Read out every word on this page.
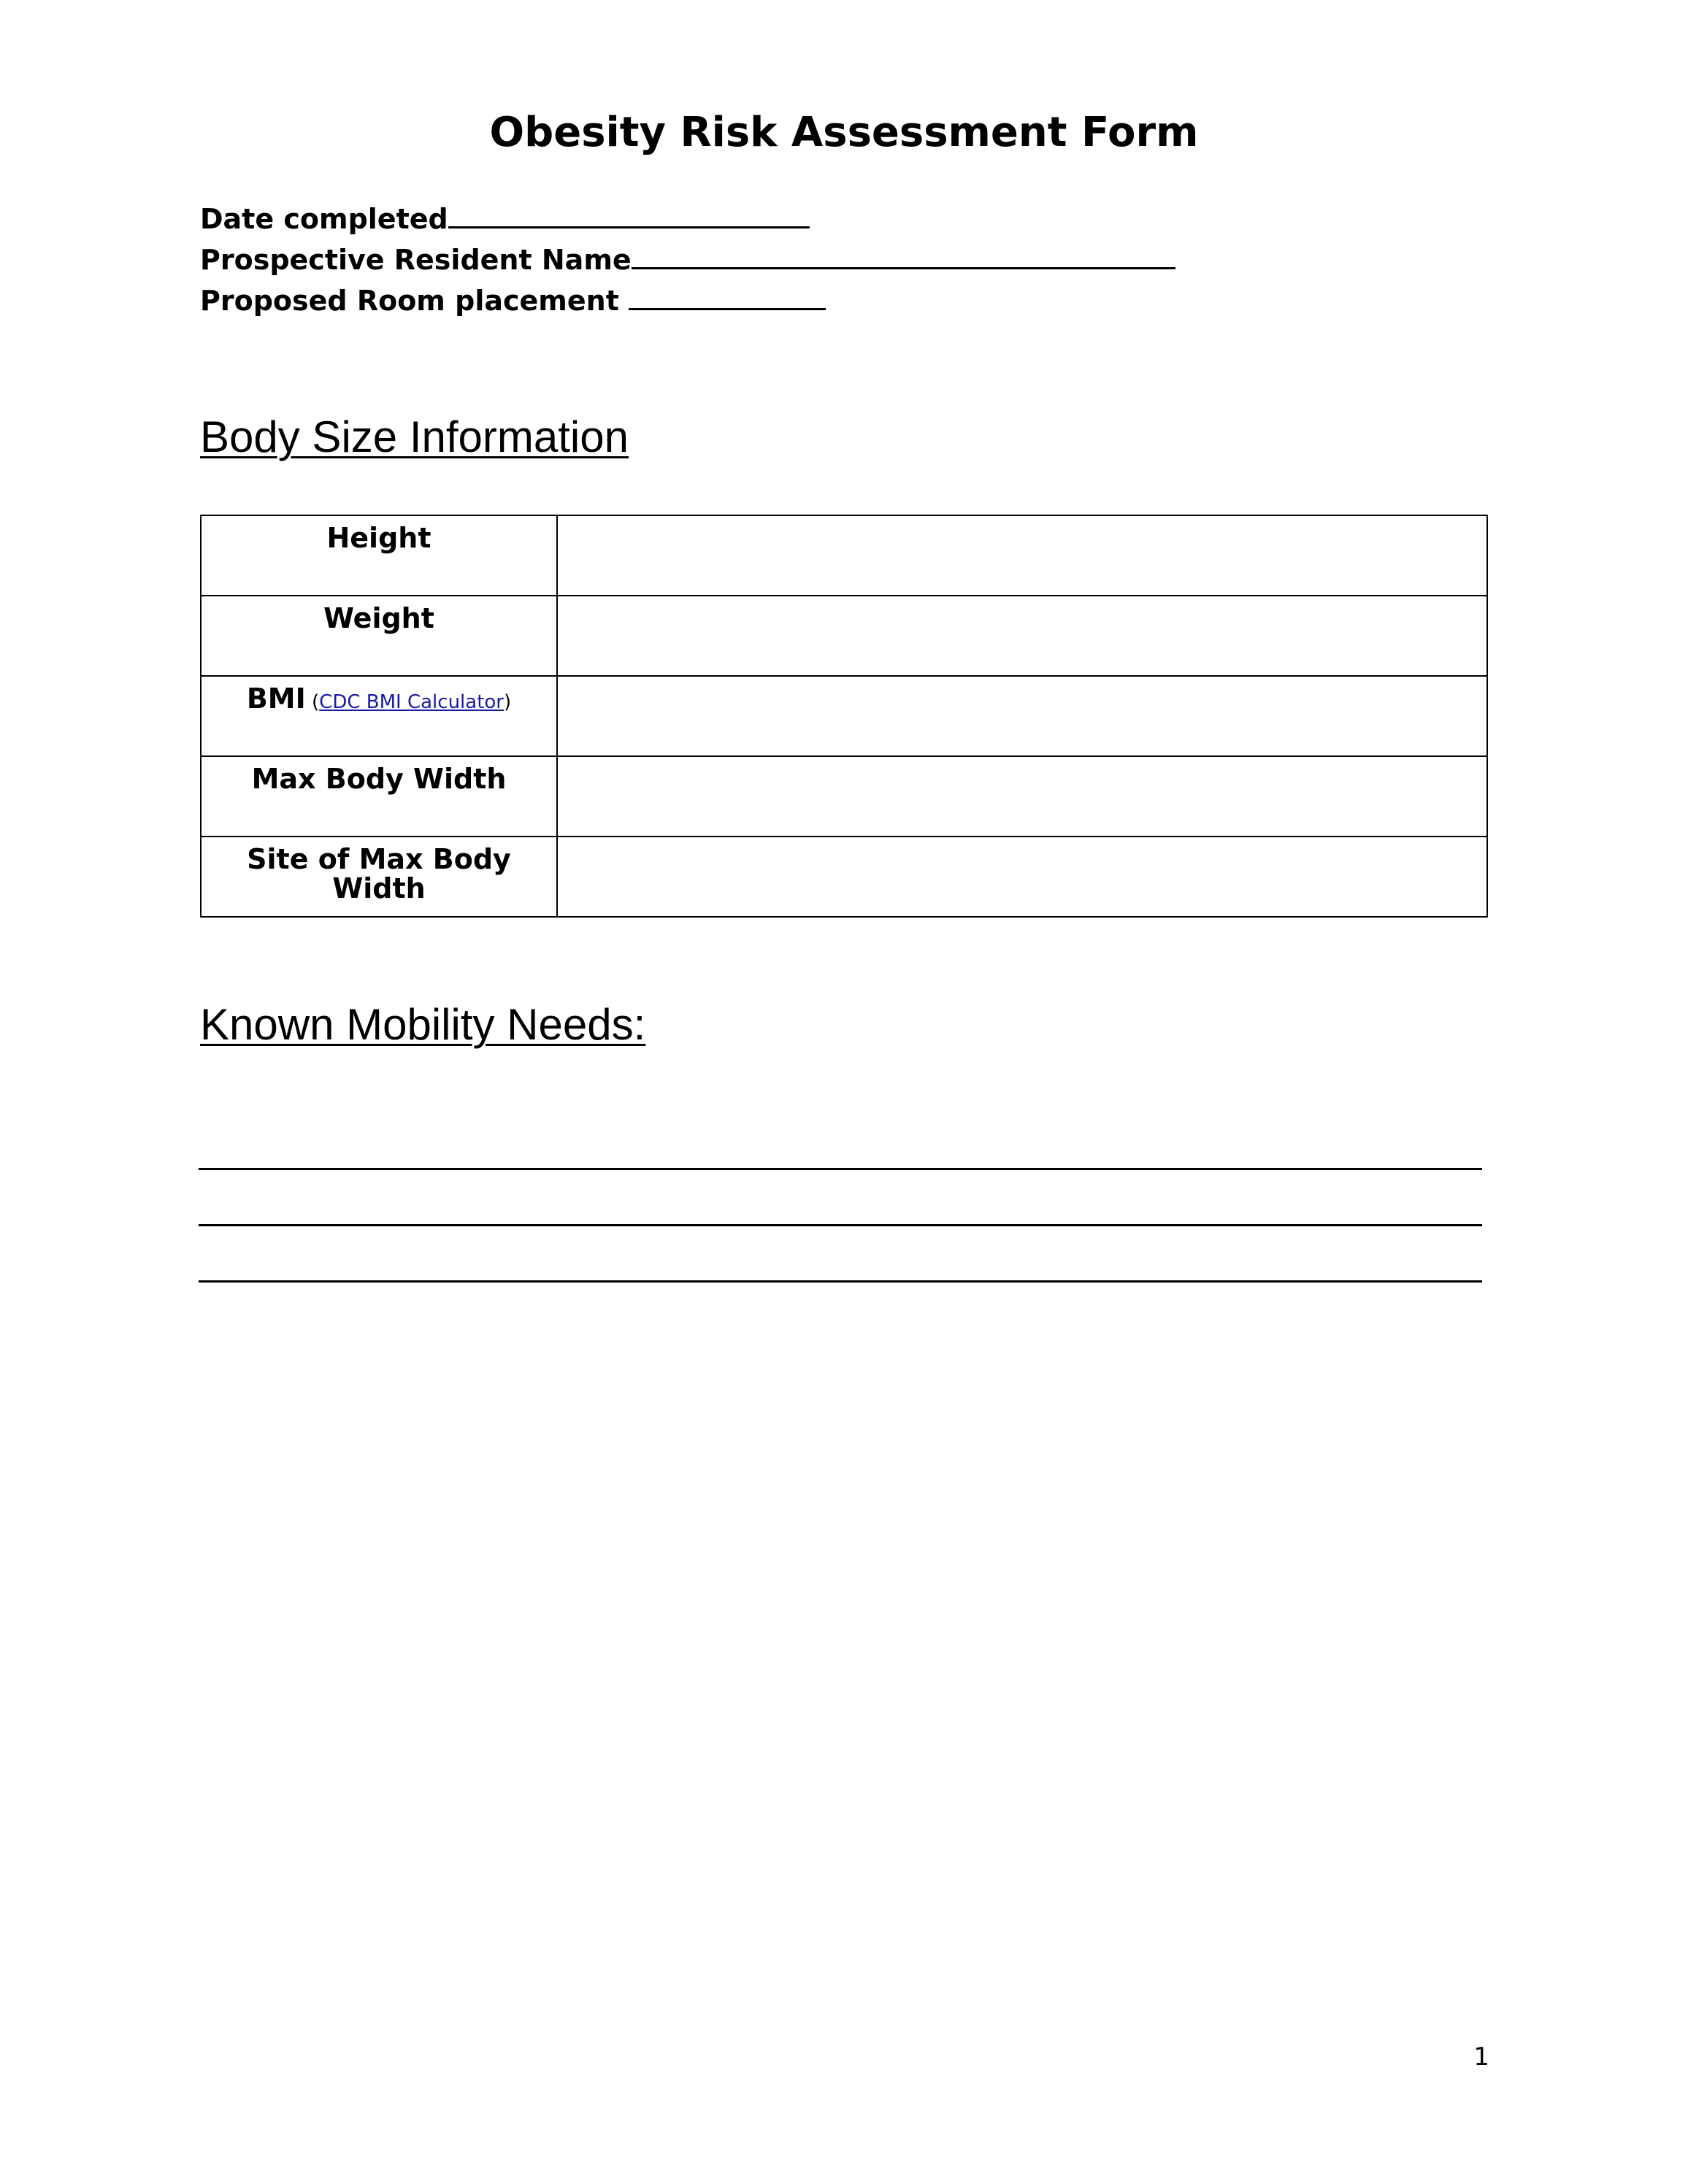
Obesity Risk Assessment Form
Date completed
Prospective Resident Name
Proposed Room placement
Body Size Information
Height	
Weight	
BMI (CDC BMI Calculator)	
Max Body Width	
Site of Max Body Width	
Known Mobility Needs:
1
